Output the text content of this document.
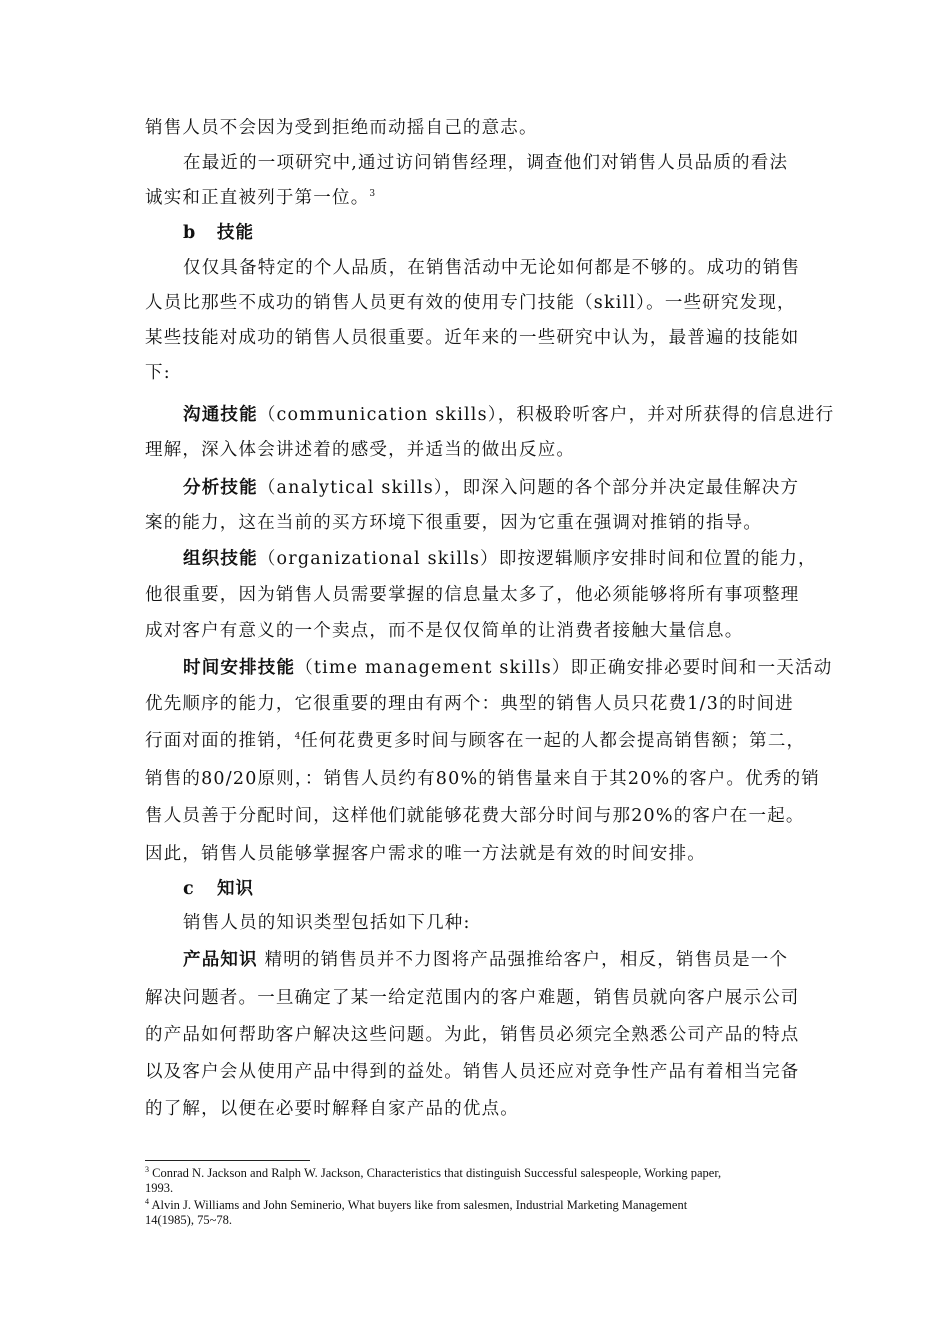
销售人员不会因为受到拒绝而动摇自己的意志。
在最近的一项研究中,通过访问销售经理，调查他们对销售人员品质的看法
诚实和正直被列于第一位。$^3$
b 技能
仅仅具备特定的个人品质，在销售活动中无论如何都是不够的。成功的销售
人员比那些不成功的销售人员更有效的使用专门技能（skill）。一些研究发现，
某些技能对成功的销售人员很重要。近年来的一些研究中认为，最普遍的技能如
下:
沟通技能（communication skills），积极聆听客户，并对所获得的信息进行
理解，深入体会讲述着的感受，并适当的做出反应。
分析技能（analytical skills），即深入问题的各个部分并决定最佳解决方
案的能力，这在当前的买方环境下很重要，因为它重在强调对推销的指导。
组织技能（organizational skills）即按逻辑顺序安排时间和位置的能力，
他很重要，因为销售人员需要掌握的信息量太多了，他必须能够将所有事项整理
成对客户有意义的一个卖点，而不是仅仅简单的让消费者接触大量信息。
时间安排技能（time management skills）即正确安排必要时间和一天活动
优先顺序的能力，它很重要的理由有两个：典型的销售人员只花费1/3的时间进
行面对面的推销，$^4$任何花费更多时间与顾客在一起的人都会提高销售额；第二，
销售的80/20原则，：销售人员约有80%的销售量来自于其20%的客户。优秀的销
售人员善于分配时间，这样他们就能够花费大部分时间与那20%的客户在一起。
因此，销售人员能够掌握客户需求的唯一方法就是有效的时间安排。
c 知识
销售人员的知识类型包括如下几种:
产品知识 精明的销售员并不力图将产品强推给客户，相反，销售员是一个
解决问题者。一旦确定了某一给定范围内的客户难题，销售员就向客户展示公司
的产品如何帮助客户解决这些问题。为此，销售员必须完全熟悉公司产品的特点
以及客户会从使用产品中得到的益处。销售人员还应对竞争性产品有着相当完备
的了解，以便在必要时解释自家产品的优点。
$^3$ Conrad N. Jackson and Ralph W. Jackson, Characteristics that distinguish Successful salespeople, Working paper,
1993.
$^4$ Alvin J. Williams and John Seminerio, What buyers like from salesmen, Industrial Marketing Management
14(1985), 75~78.
